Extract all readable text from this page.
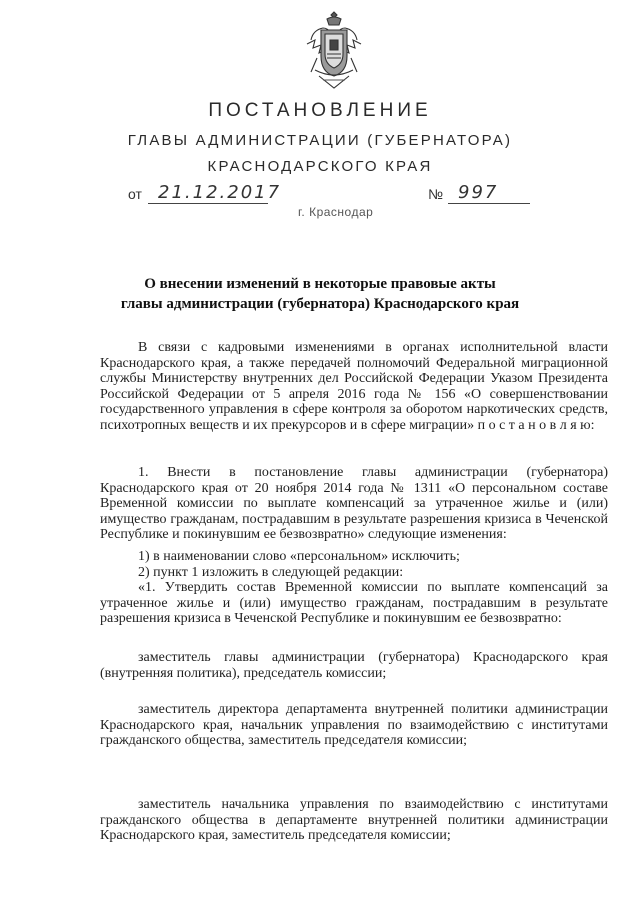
ПОСТАНОВЛЕНИЕ
ГЛАВЫ АДМИНИСТРАЦИИ (ГУБЕРНАТОРА)
КРАСНОДАРСКОГО КРАЯ
от 21.12.2017	№ 997
г. Краснодар
О внесении изменений в некоторые правовые акты
главы администрации (губернатора) Краснодарского края

В связи с кадровыми изменениями в органах исполнительной власти Краснодарского края, а также передачей полномочий Федеральной миграционной службы Министерству внутренних дел Российской Федерации Указом Президента Российской Федерации от 5 апреля 2016 года № 156 «О совершенствовании государственного управления в сфере контроля за оборотом наркотических средств, психотропных веществ и их прекурсоров и в сфере миграции» п о с т а н о в л я ю:

1. Внести в постановление главы администрации (губернатора) Краснодарского края от 20 ноября 2014 года № 1311 «О персональном составе Временной комиссии по выплате компенсаций за утраченное жилье и (или) имущество гражданам, пострадавшим в результате разрешения кризиса в Чеченской Республике и покинувшим ее безвозвратно» следующие изменения:

1) в наименовании слово «персональном» исключить;

2) пункт 1 изложить в следующей редакции:

«1. Утвердить состав Временной комиссии по выплате компенсаций за утраченное жилье и (или) имущество гражданам, пострадавшим в результате разрешения кризиса в Чеченской Республике и покинувшим ее безвозвратно:

заместитель главы администрации (губернатора) Краснодарского края (внутренняя политика), председатель комиссии;

заместитель директора департамента внутренней политики администрации Краснодарского края, начальник управления по взаимодействию с институтами гражданского общества, заместитель председателя комиссии;

заместитель начальника управления по взаимодействию с институтами гражданского общества в департаменте внутренней политики администрации Краснодарского края, заместитель председателя комиссии;
